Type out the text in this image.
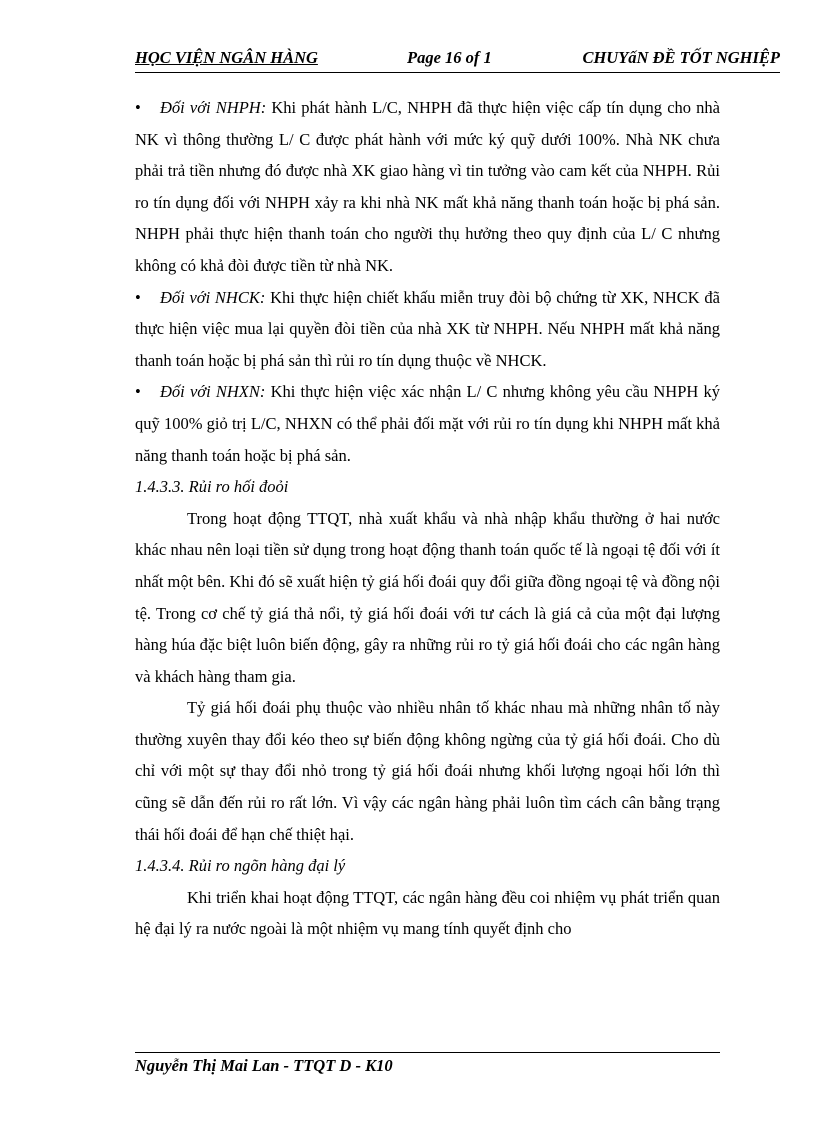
HỌC VIỆN NGÂN HÀNG	Page 16 of 1	CHUYấN ĐỀ TỐT NGHIỆP

• Đối với NHPH: Khi phát hành L/C, NHPH đã thực hiện việc cấp tín dụng cho nhà NK vì thông thường L/ C được phát hành với mức ký quỹ dưới 100%. Nhà NK chưa phải trả tiền nhưng đó được nhà XK giao hàng vì tin tưởng vào cam kết của NHPH. Rủi ro tín dụng đối với NHPH xảy ra khi nhà NK mất khả năng thanh toán hoặc bị phá sản. NHPH phải thực hiện thanh toán cho người thụ hưởng theo quy định của L/ C nhưng không có khả đòi được tiền từ nhà NK.

• Đối với NHCK: Khi thực hiện chiết khấu miễn truy đòi bộ chứng từ XK, NHCK đã thực hiện việc mua lại quyền đòi tiền của nhà XK từ NHPH. Nếu NHPH mất khả năng thanh toán hoặc bị phá sản thì rủi ro tín dụng thuộc về NHCK.

• Đối với NHXN: Khi thực hiện việc xác nhận L/ C nhưng không yêu cầu NHPH ký quỹ 100% giỏ trị L/C, NHXN có thể phải đối mặt với rủi ro tín dụng khi NHPH mất khả năng thanh toán hoặc bị phá sản.

1.4.3.3. Rủi ro hối đoỏi

Trong hoạt động TTQT, nhà xuất khẩu và nhà nhập khẩu thường ở hai nước khác nhau nên loại tiền sử dụng trong hoạt động thanh toán quốc tế là ngoại tệ đối với ít nhất một bên. Khi đó sẽ xuất hiện tỷ giá hối đoái quy đổi giữa đồng ngoại tệ và đồng nội tệ. Trong cơ chế tỷ giá thả nổi, tỷ giá hối đoái với tư cách là giá cả của một đại lượng hàng húa đặc biệt luôn biến động, gây ra những rủi ro tỷ giá hối đoái cho các ngân hàng và khách hàng tham gia.

Tỷ giá hối đoái phụ thuộc vào nhiều nhân tố khác nhau mà những nhân tố này thường xuyên thay đổi kéo theo sự biến động không ngừng của tỷ giá hối đoái. Cho dù chỉ với một sự thay đổi nhỏ trong tỷ giá hối đoái nhưng khối lượng ngoại hối lớn thì cũng sẽ dẫn đến rủi ro rất lớn. Vì vậy các ngân hàng phải luôn tìm cách cân bằng trạng thái hối đoái để hạn chế thiệt hại.

1.4.3.4. Rủi ro ngõn hàng đại lý

Khi triển khai hoạt động TTQT, các ngân hàng đều coi nhiệm vụ phát triển quan hệ đại lý ra nước ngoài là một nhiệm vụ mang tính quyết định cho

Nguyễn Thị Mai Lan - TTQT D - K10
